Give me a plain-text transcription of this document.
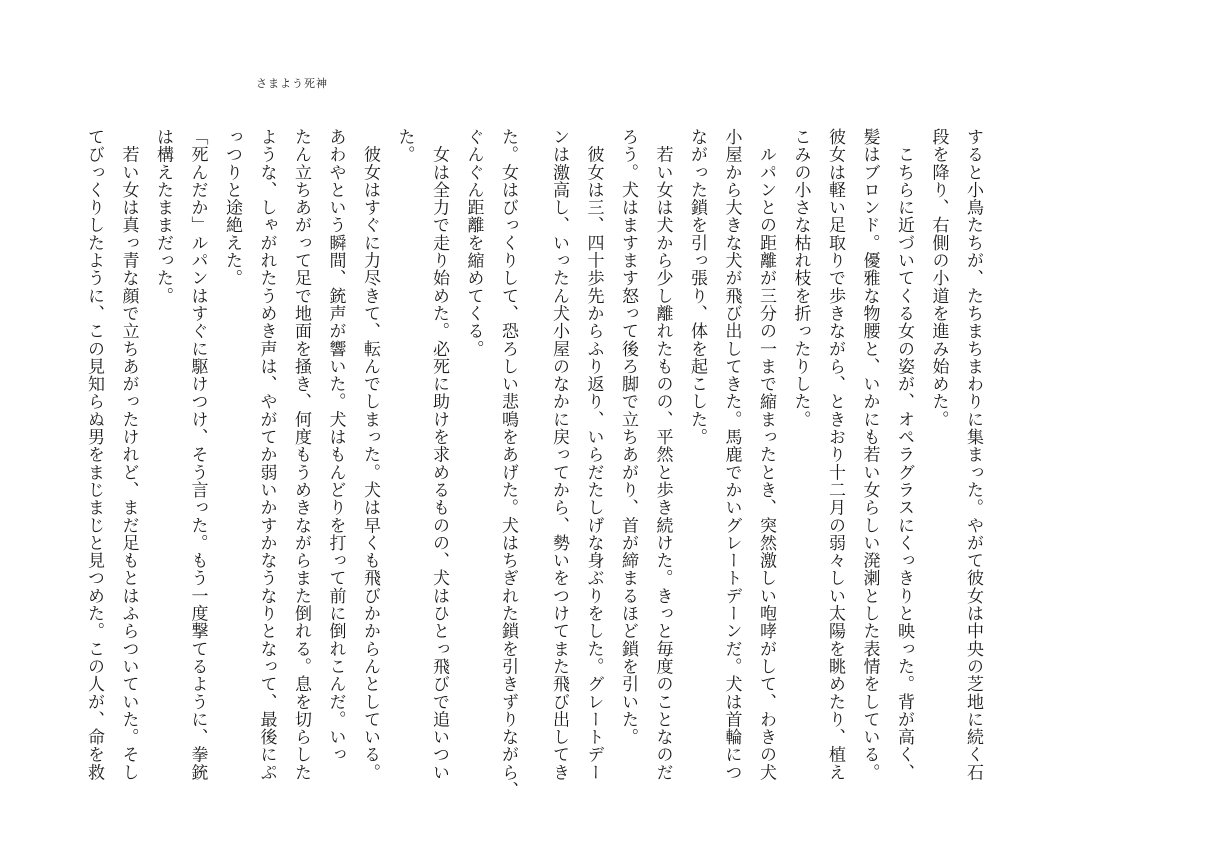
さまよう死神
すると小鳥たちが、たちまちまわりに集まった。やがて彼女は中央の芝地に続く石
段を降り、右側の小道を進み始めた。
　こちらに近づいてくる女の姿が、オペラグラスにくっきりと映った。背が高く、
髪はブロンド。優雅な物腰と、いかにも若い女らしい溌溂とした表情をしている。
彼女は軽い足取りで歩きながら、ときおり十二月の弱々しい太陽を眺めたり、植え
こみの小さな枯れ枝を折ったりした。
　ルパンとの距離が三分の一まで縮まったとき、突然激しい咆哮がして、わきの犬
小屋から大きな犬が飛び出してきた。馬鹿でかいグレートデーンだ。犬は首輪につ
ながった鎖を引っ張り、体を起こした。
　若い女は犬から少し離れたものの、平然と歩き続けた。きっと毎度のことなのだ
ろう。犬はますます怒って後ろ脚で立ちあがり、首が締まるほど鎖を引いた。
　彼女は三、四十歩先からふり返り、いらだたしげな身ぶりをした。グレートデー
ンは激高し、いったん犬小屋のなかに戻ってから、勢いをつけてまた飛び出してき
た。女はびっくりして、恐ろしい悲鳴をあげた。犬はちぎれた鎖を引きずりながら、
ぐんぐん距離を縮めてくる。
　女は全力で走り始めた。必死に助けを求めるものの、犬はひとっ飛びで追いつい
た。
　彼女はすぐに力尽きて、転んでしまった。犬は早くも飛びかからんとしている。
あわやという瞬間、銃声が響いた。犬はもんどりを打って前に倒れこんだ。いっ
たん立ちあがって足で地面を掻き、何度もうめきながらまた倒れる。息を切らした
ような、しゃがれたうめき声は、やがてか弱いかすかなうなりとなって、最後にぷ
っつりと途絶えた。
「死んだか」ルパンはすぐに駆けつけ、そう言った。もう一度撃てるように、拳銃
は構えたままだった。
　若い女は真っ青な顔で立ちあがったけれど、まだ足もとはふらついていた。そし
てびっくりしたように、この見知らぬ男をまじまじと見つめた。この人が、命を救
